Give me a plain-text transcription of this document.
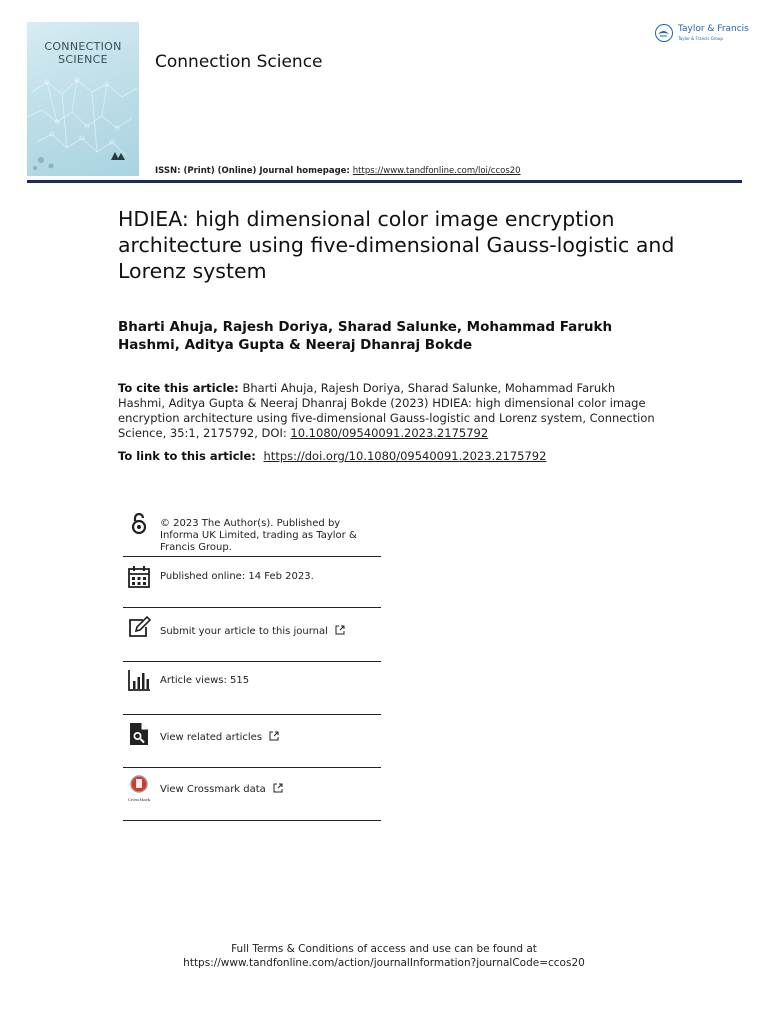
CONNECTION
SCIENCE	Connection Science
Taylor & Francis
Taylor & Francis Group
ISSN: (Print) (Online) Journal homepage: https://www.tandfonline.com/loi/ccos20
HDIEA: high dimensional color image encryption architecture using five-dimensional Gauss-logistic and Lorenz system
Bharti Ahuja, Rajesh Doriya, Sharad Salunke, Mohammad Farukh Hashmi, Aditya Gupta & Neeraj Dhanraj Bokde
To cite this article: Bharti Ahuja, Rajesh Doriya, Sharad Salunke, Mohammad Farukh Hashmi, Aditya Gupta & Neeraj Dhanraj Bokde (2023) HDIEA: high dimensional color image encryption architecture using five-dimensional Gauss-logistic and Lorenz system, Connection Science, 35:1, 2175792, DOI: 10.1080/09540091.2023.2175792
To link to this article:  https://doi.org/10.1080/09540091.2023.2175792
© 2023 The Author(s). Published by Informa UK Limited, trading as Taylor & Francis Group.
Published online: 14 Feb 2023.
Submit your article to this journal
Article views: 515
View related articles
CrossMark
View Crossmark data
Full Terms & Conditions of access and use can be found at
https://www.tandfonline.com/action/journalInformation?journalCode=ccos20
